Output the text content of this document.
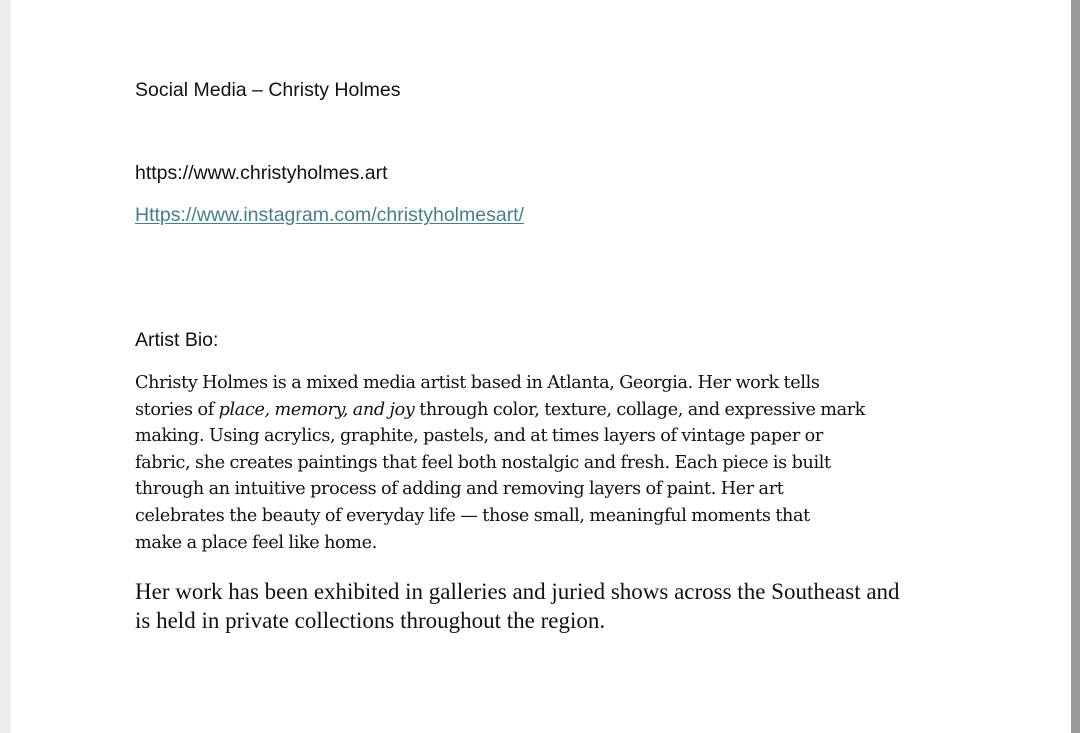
Social Media – Christy Holmes

https://www.christyholmes.art

Https://www.instagram.com/christyholmesart/

Artist Bio:

Christy Holmes is a mixed media artist based in Atlanta, Georgia. Her work tells
stories of place, memory, and joy through color, texture, collage, and expressive mark
making. Using acrylics, graphite, pastels, and at times layers of vintage paper or
fabric, she creates paintings that feel both nostalgic and fresh. Each piece is built
through an intuitive process of adding and removing layers of paint. Her art
celebrates the beauty of everyday life — those small, meaningful moments that
make a place feel like home.

Her work has been exhibited in galleries and juried shows across the Southeast and
is held in private collections throughout the region.
